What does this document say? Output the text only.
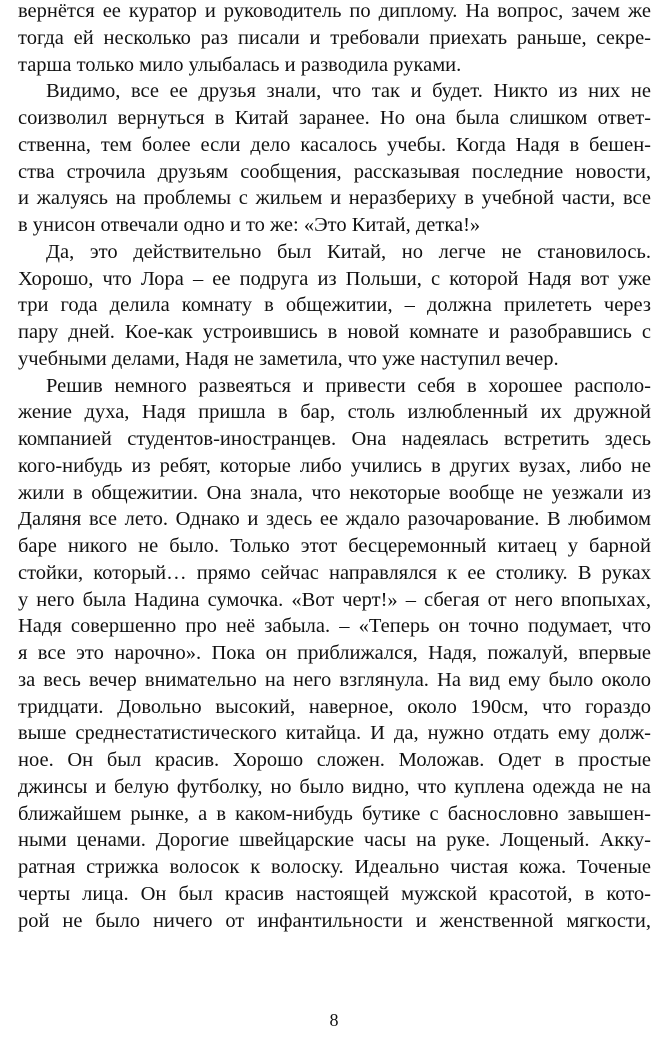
вернётся ее куратор и руководитель по диплому. На вопрос, зачем же
тогда ей несколько раз писали и требовали приехать раньше, секре-
тарша только мило улыбалась и разводила руками.
Видимо, все ее друзья знали, что так и будет. Никто из них не
соизволил вернуться в Китай заранее. Но она была слишком ответ-
ственна, тем более если дело касалось учебы. Когда Надя в бешен-
ства строчила друзьям сообщения, рассказывая последние новости,
и жалуясь на проблемы с жильем и неразбериху в учебной части, все
в унисон отвечали одно и то же: «Это Китай, детка!»
Да, это действительно был Китай, но легче не становилось.
Хорошо, что Лора – ее подруга из Польши, с которой Надя вот уже
три года делила комнату в общежитии, – должна прилететь через
пару дней. Кое-как устроившись в новой комнате и разобравшись с
учебными делами, Надя не заметила, что уже наступил вечер.
Решив немного развеяться и привести себя в хорошее располо-
жение духа, Надя пришла в бар, столь излюбленный их дружной
компанией студентов-иностранцев. Она надеялась встретить здесь
кого-нибудь из ребят, которые либо учились в других вузах, либо не
жили в общежитии. Она знала, что некоторые вообще не уезжали из
Даляня все лето. Однако и здесь ее ждало разочарование. В любимом
баре никого не было. Только этот бесцеремонный китаец у барной
стойки, который… прямо сейчас направлялся к ее столику. В руках
у него была Надина сумочка. «Вот черт!» – сбегая от него впопыхах,
Надя совершенно про неё забыла. – «Теперь он точно подумает, что
я все это нарочно». Пока он приближался, Надя, пожалуй, впервые
за весь вечер внимательно на него взглянула. На вид ему было около
тридцати. Довольно высокий, наверное, около 190см, что гораздо
выше среднестатистического китайца. И да, нужно отдать ему долж-
ное. Он был красив. Хорошо сложен. Моложав. Одет в простые
джинсы и белую футболку, но было видно, что куплена одежда не на
ближайшем рынке, а в каком-нибудь бутике с баснословно завышен-
ными ценами. Дорогие швейцарские часы на руке. Лощеный. Акку-
ратная стрижка волосок к волоску. Идеально чистая кожа. Точеные
черты лица. Он был красив настоящей мужской красотой, в кото-
рой не было ничего от инфантильности и женственной мягкости,
8
